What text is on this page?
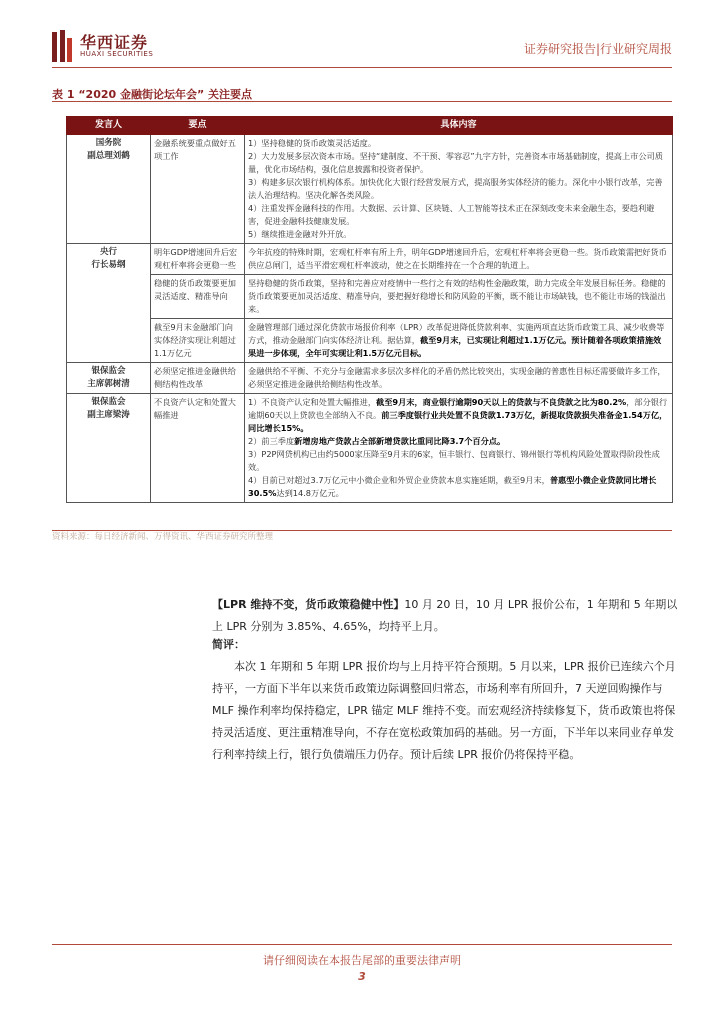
华西证券
HUAXI SECURITIES	证券研究报告|行业研究周报
表 1 “2020 金融街论坛年会” 关注要点
发言人	要点	具体内容

国务院
副总理刘鹤	金融系统要重点做好五项工作	1）坚持稳健的货币政策灵活适度。
2）大力发展多层次资本市场。坚持“建制度、不干预、零容忍”九字方针，完善资本市场基础制度，提高上市公司质量，优化市场结构，强化信息披露和投资者保护。
3）构建多层次银行机构体系。加快优化大银行经营发展方式，提高服务实体经济的能力。深化中小银行改革，完善法人治理结构。坚决化解各类风险。
4）注重发挥金融科技的作用。大数据、云计算、区块链、人工智能等技术正在深刻改变未来金融生态，要趋利避害，促进金融科技健康发展。
5）继续推进金融对外开放。

央行
行长易纲	明年GDP增速回升后宏观杠杆率将会更稳一些	今年抗疫的特殊时期，宏观杠杆率有所上升，明年GDP增速回升后，宏观杠杆率将会更稳一些。货币政策需把好货币供应总闸门，适当平滑宏观杠杆率波动，使之在长期维持在一个合理的轨道上。
	稳健的货币政策要更加灵活适度、精准导向	坚持稳健的货币政策，坚持和完善应对疫情中一些行之有效的结构性金融政策，助力完成全年发展目标任务。稳健的货币政策要更加灵活适度、精准导向，要把握好稳增长和防风险的平衡，既不能让市场缺钱，也不能让市场的钱溢出来。
	截至9月末金融部门向实体经济实现让利超过1.1万亿元	金融管理部门通过深化贷款市场报价利率（LPR）改革促进降低贷款利率、实施两项直达货币政策工具、减少收费等方式，推动金融部门向实体经济让利。据估算，截至9月末，已实现让利超过1.1万亿元。预计随着各项政策措施效果进一步体现，全年可实现让利1.5万亿元目标。

银保监会
主席郭树清	必须坚定推进金融供给侧结构性改革	金融供给不平衡、不充分与金融需求多层次多样化的矛盾仍然比较突出，实现金融的普惠性目标还需要做许多工作，必须坚定推进金融供给侧结构性改革。

银保监会
副主席梁涛	不良资产认定和处置大幅推进	1）不良资产认定和处置大幅推进，截至9月末，商业银行逾期90天以上的贷款与不良贷款之比为80.2%，部分银行逾期60天以上贷款也全部纳入不良。前三季度银行业共处置不良贷款1.73万亿，新提取贷款损失准备金1.54万亿，同比增长15%。
2）前三季度新增房地产贷款占全部新增贷款比重同比降3.7个百分点。
3）P2P网贷机构已由约5000家压降至9月末的6家，恒丰银行、包商银行、锦州银行等机构风险处置取得阶段性成效。
4）目前已对超过3.7万亿元中小微企业和外贸企业贷款本息实施延期，截至9月末，普惠型小微企业贷款同比增长30.5%达到14.8万亿元。
资料来源：每日经济新闻、万得资讯、华西证券研究所整理
【LPR 维持不变，货币政策稳健中性】10 月 20 日，10 月 LPR 报价公布，1 年期和 5 年期以上 LPR 分别为 3.85%、4.65%，均持平上月。
简评：
本次 1 年期和 5 年期 LPR 报价均与上月持平符合预期。5 月以来，LPR 报价已连续六个月持平，一方面下半年以来货币政策边际调整回归常态，市场利率有所回升，7 天逆回购操作与 MLF 操作利率均保持稳定，LPR 锚定 MLF 维持不变。而宏观经济持续修复下，货币政策也将保持灵活适度、更注重精准导向，不存在宽松政策加码的基础。另一方面，下半年以来同业存单发行利率持续上行，银行负债端压力仍存。预计后续 LPR 报价仍将保持平稳。
请仔细阅读在本报告尾部的重要法律声明
3
